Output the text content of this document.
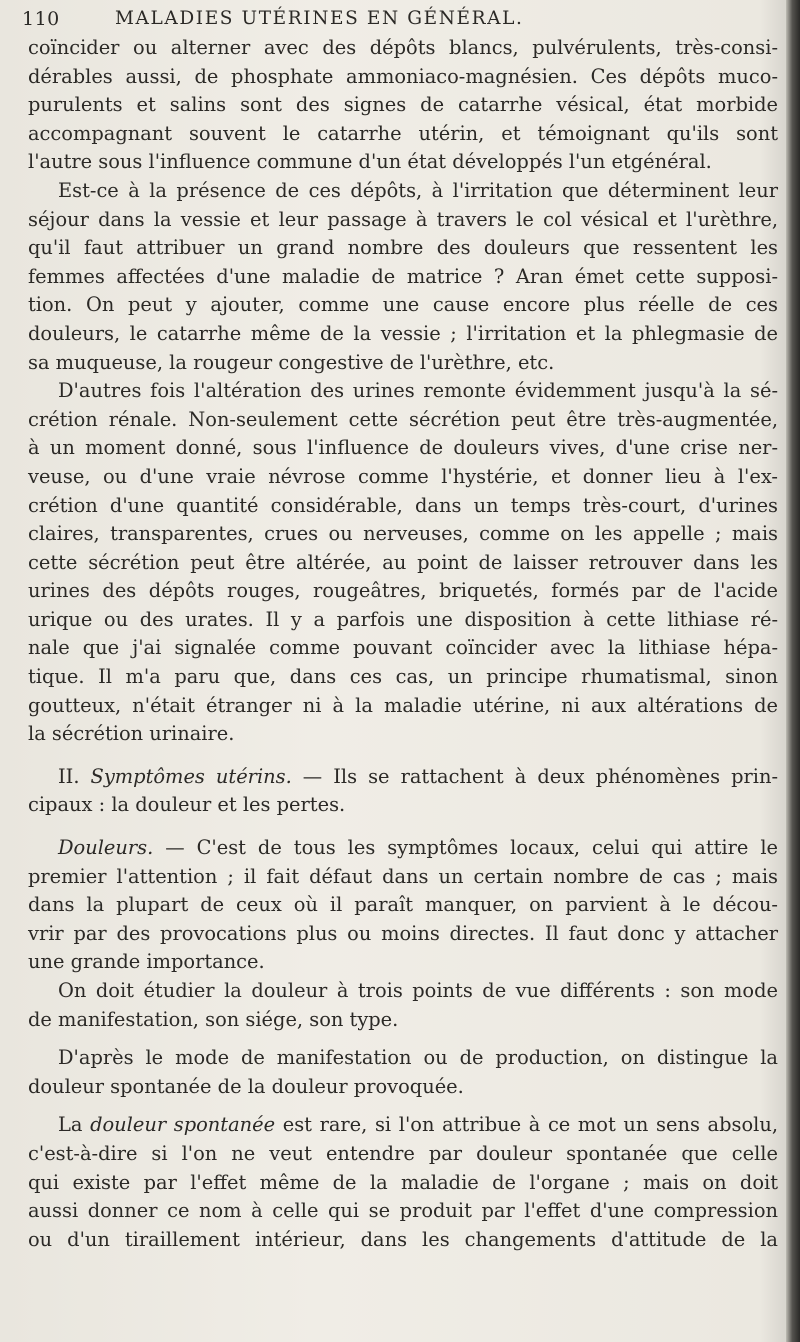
110	MALADIES UTÉRINES EN GÉNÉRAL.

coïncider ou alterner avec des dépôts blancs, pulvérulents, très-consi-

dérables aussi, de phosphate ammoniaco-magnésien. Ces dépôts muco-

purulents et salins sont des signes de catarrhe vésical, état morbide

accompagnant souvent le catarrhe utérin, et témoignant qu'ils sont

l'autre sous l'influence commune d'un état développés l'un etgénéral.

Est-ce à la présence de ces dépôts, à l'irritation que déterminent leur

séjour dans la vessie et leur passage à travers le col vésical et l'urèthre,

qu'il faut attribuer un grand nombre des douleurs que ressentent les

femmes affectées d'une maladie de matrice ? Aran émet cette supposi-

tion. On peut y ajouter, comme une cause encore plus réelle de ces

douleurs, le catarrhe même de la vessie ; l'irritation et la phlegmasie de

sa muqueuse, la rougeur congestive de l'urèthre, etc.

D'autres fois l'altération des urines remonte évidemment jusqu'à la sé-

crétion rénale. Non-seulement cette sécrétion peut être très-augmentée,

à un moment donné, sous l'influence de douleurs vives, d'une crise ner-

veuse, ou d'une vraie névrose comme l'hystérie, et donner lieu à l'ex-

crétion d'une quantité considérable, dans un temps très-court, d'urines

claires, transparentes, crues ou nerveuses, comme on les appelle ; mais

cette sécrétion peut être altérée, au point de laisser retrouver dans les

urines des dépôts rouges, rougeâtres, briquetés, formés par de l'acide

urique ou des urates. Il y a parfois une disposition à cette lithiase ré-

nale que j'ai signalée comme pouvant coïncider avec la lithiase hépa-

tique. Il m'a paru que, dans ces cas, un principe rhumatismal, sinon

goutteux, n'était étranger ni à la maladie utérine, ni aux altérations de

la sécrétion urinaire.

II. Symptômes utérins. — Ils se rattachent à deux phénomènes prin-

cipaux : la douleur et les pertes.

Douleurs. — C'est de tous les symptômes locaux, celui qui attire le

premier l'attention ; il fait défaut dans un certain nombre de cas ; mais

dans la plupart de ceux où il paraît manquer, on parvient à le décou-

vrir par des provocations plus ou moins directes. Il faut donc y attacher

une grande importance.

On doit étudier la douleur à trois points de vue différents : son mode

de manifestation, son siége, son type.

D'après le mode de manifestation ou de production, on distingue la

douleur spontanée de la douleur provoquée.

La douleur spontanée est rare, si l'on attribue à ce mot un sens absolu,

c'est-à-dire si l'on ne veut entendre par douleur spontanée que celle

qui existe par l'effet même de la maladie de l'organe ; mais on doit

aussi donner ce nom à celle qui se produit par l'effet d'une compression

ou d'un tiraillement intérieur, dans les changements d'attitude de la
